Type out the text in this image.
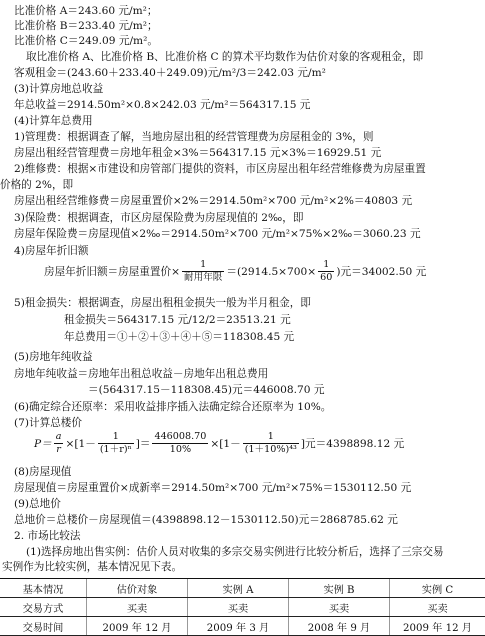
比准价格 A＝243.60 元/m²；
比准价格 B＝233.40 元/m²；
比准价格 C＝249.09 元/m²。
取比准价格 A、比准价格 B、比准价格 C 的算术平均数作为估价对象的客观租金，即
客观租金＝(243.60＋233.40＋249.09)元/m²/3＝242.03 元/m²
(3)计算房地总收益
年总收益＝2914.50m²×0.8×242.03 元/m²＝564317.15 元
(4)计算年总费用
1)管理费：根据调查了解，当地房屋出租的经营管理费为房屋租金的 3%，则
房屋出租经营管理费＝房地年租金×3%＝564317.15 元×3%＝16929.51 元
2)维修费：根据×市建设和房管部门提供的资料，市区房屋出租年经营维修费为房屋重置
价格的 2%，即
房屋出租经营维修费＝房屋重置价×2%＝2914.50m²×700 元/m²×2%＝40803 元
3)保险费：根据调查，市区房屋保险费为房屋现值的 2‰，即
房屋年保险费＝房屋现值×2‰＝2914.50m²×700 元/m²×75%×2‰＝3060.23 元
4)房屋年折旧额
房屋年折旧额＝房屋重置价× $\frac{1}{\text{耐用年限}} =(2914.5\times 700\times \frac{1}{60}$ )元＝34002.50 元
5)租金损失：根据调查，房屋出租租金损失一般为半月租金，即
租金损失＝564317.15 元/12/2＝23513.21 元
年总费用＝①＋②＋③＋④＋⑤＝118308.45 元
(5)房地年纯收益
房地年纯收益＝房地年出租总收益－房地年出租总费用
＝(564317.15－118308.45)元＝446008.70 元
(6)确定综合还原率：采用收益排序插入法确定综合还原率为 10%。
(7)计算总楼价
$P= \frac{a}{r} \times[1- \frac{1}{\text{(1＋r)ⁿ}}$ ]＝ $\frac{446008.70}{10\%} \times[1- \frac{1}{\text{(1＋10\%)⁴³}}$ ]元＝4398898.12 元
(8)房屋现值
房屋现值＝房屋重置价×成新率＝2914.50m²×700 元/m²×75%＝1530112.50 元
(9)总地价
总地价＝总楼价－房屋现值＝(4398898.12－1530112.50)元＝2868785.62 元
2. 市场比较法
(1)选择房地出售实例：估价人员对收集的多宗交易实例进行比较分析后，选择了三宗交易
实例作为比较实例，基本情况见下表。
基本情况	估价对象	实例 A	实例 B	实例 C
交易方式	买卖	买卖	买卖	买卖
交易时间	2009 年 12 月	2009 年 3 月	2008 年 9 月	2009 年 12 月
